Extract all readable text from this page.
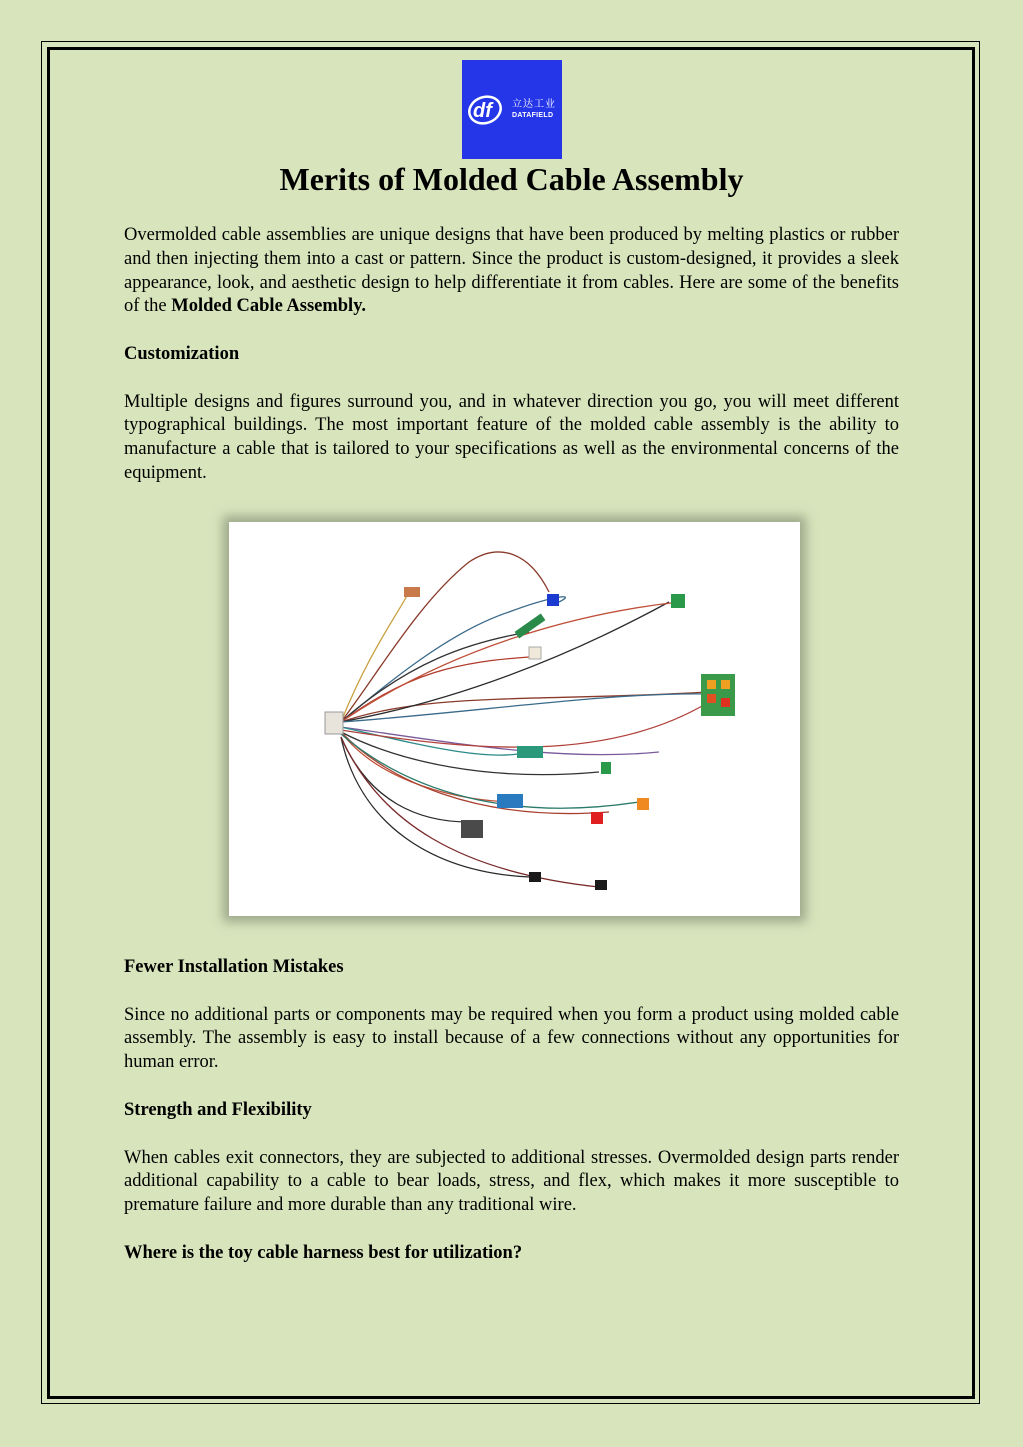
df 立达工业
DATAFIELD
Merits of Molded Cable Assembly

Overmolded cable assemblies are unique designs that have been produced by melting plastics or rubber and then injecting them into a cast or pattern. Since the product is custom-designed, it provides a sleek appearance, look, and aesthetic design to help differentiate it from cables. Here are some of the benefits of the Molded Cable Assembly.

Customization

Multiple designs and figures surround you, and in whatever direction you go, you will meet different typographical buildings. The most important feature of the molded cable assembly is the ability to manufacture a cable that is tailored to your specifications as well as the environmental concerns of the equipment.

Fewer Installation Mistakes

Since no additional parts or components may be required when you form a product using molded cable assembly. The assembly is easy to install because of a few connections without any opportunities for human error.

Strength and Flexibility

When cables exit connectors, they are subjected to additional stresses. Overmolded design parts render additional capability to a cable to bear loads, stress, and flex, which makes it more susceptible to premature failure and more durable than any traditional wire.

Where is the toy cable harness best for utilization?
